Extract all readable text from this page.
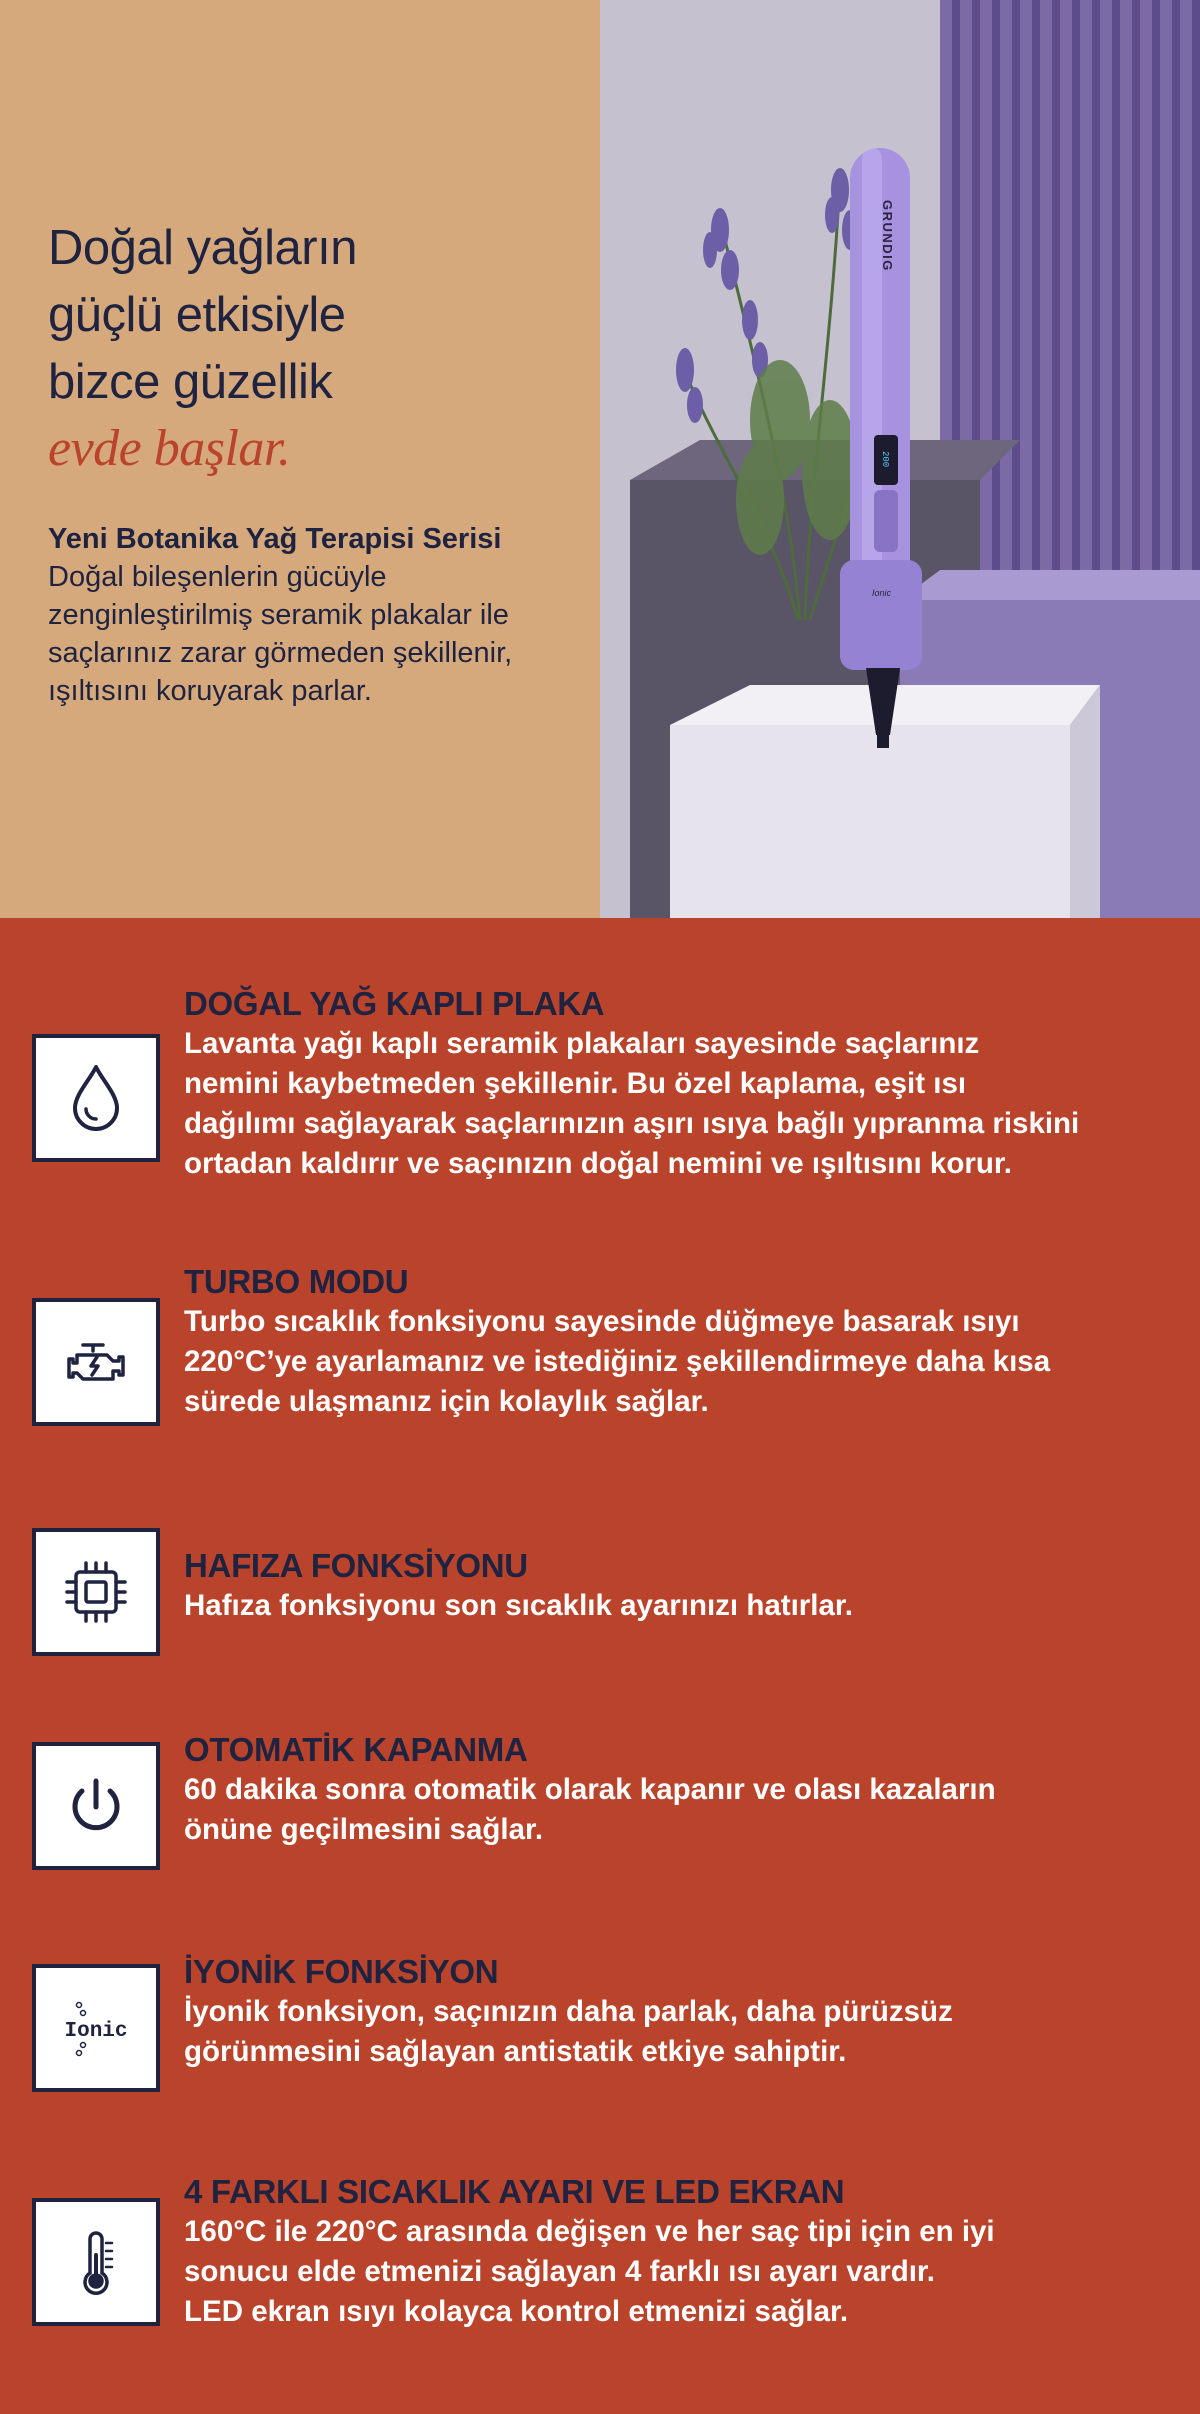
Doğal yağların
güçlü etkisiyle
bizce güzellik
evde başlar.
Yeni Botanika Yağ Terapisi Serisi
Doğal bileşenlerin gücüyle
zenginleştirilmiş seramik plakalar ile
saçlarınız zarar görmeden şekillenir,
ışıltısını koruyarak parlar.
GRUNDIG
200
Ionic
DOĞAL YAĞ KAPLI PLAKA
Lavanta yağı kaplı seramik plakaları sayesinde saçlarınız
nemini kaybetmeden şekillenir. Bu özel kaplama, eşit ısı
dağılımı sağlayarak saçlarınızın aşırı ısıya bağlı yıpranma riskini
ortadan kaldırır ve saçınızın doğal nemini ve ışıltısını korur.
TURBO MODU
Turbo sıcaklık fonksiyonu sayesinde düğmeye basarak ısıyı
220°C’ye ayarlamanız ve istediğiniz şekillendirmeye daha kısa
sürede ulaşmanız için kolaylık sağlar.
HAFIZA FONKSİYONU
Hafıza fonksiyonu son sıcaklık ayarınızı hatırlar.
OTOMATİK KAPANMA
60 dakika sonra otomatik olarak kapanır ve olası kazaların
önüne geçilmesini sağlar.
Ionic
İYONİK FONKSİYON
İyonik fonksiyon, saçınızın daha parlak, daha pürüzsüz
görünmesini sağlayan antistatik etkiye sahiptir.
4 FARKLI SICAKLIK AYARI VE LED EKRAN
160°C ile 220°C arasında değişen ve her saç tipi için en iyi
sonucu elde etmenizi sağlayan 4 farklı ısı ayarı vardır.
LED ekran ısıyı kolayca kontrol etmenizi sağlar.
